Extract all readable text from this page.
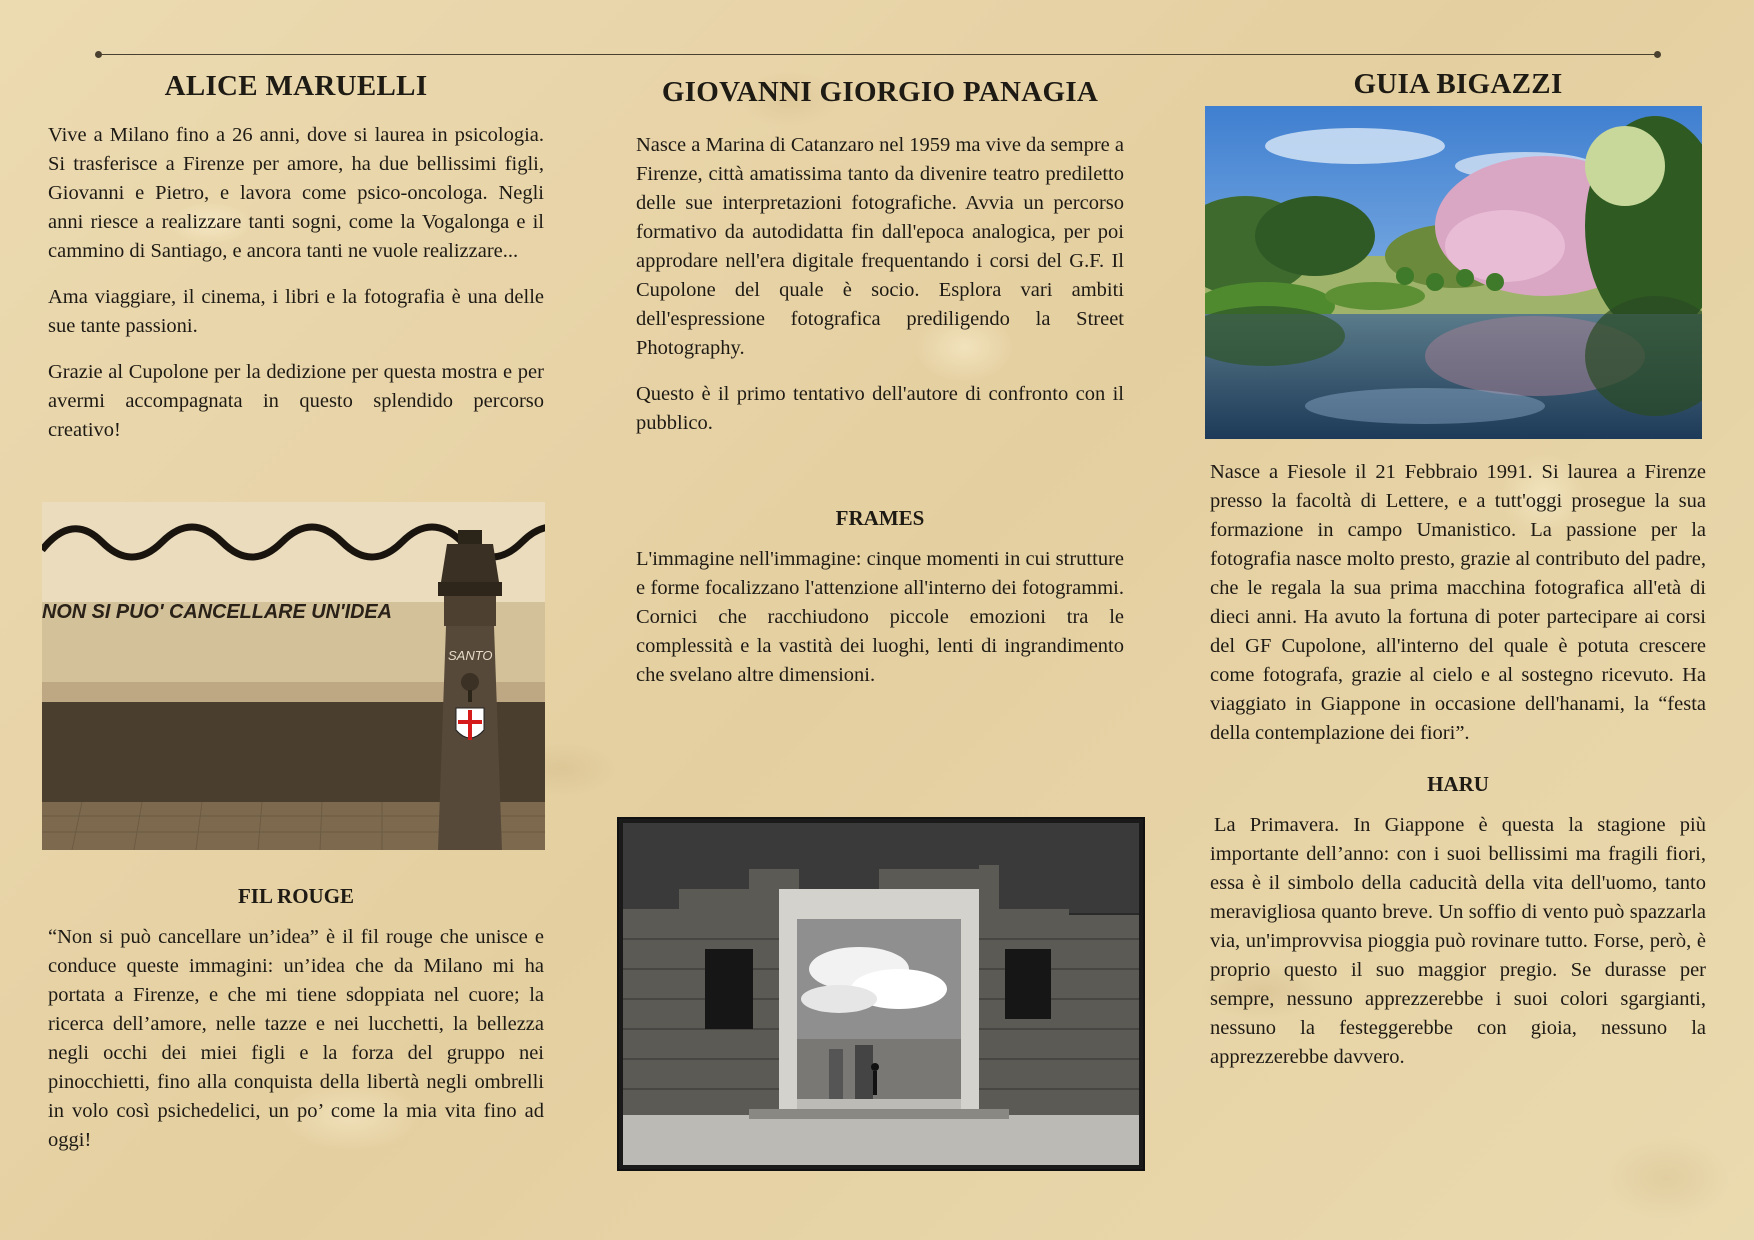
ALICE MARUELLI

Vive a Milano fino a 26 anni, dove si laurea in psicologia. Si trasferisce a Firenze per amore, ha due bellissimi figli, Giovanni e Pietro, e lavora come psico-oncologa. Negli anni riesce a realizzare tanti sogni, come la Vogalonga e il cammino di Santiago, e ancora tanti ne vuole realizzare...

Ama viaggiare, il cinema, i libri e la fotografia è una delle sue tante passioni.

Grazie al Cupolone per la dedizione per questa mostra e per avermi accompagnata in questo splendido percorso creativo!

NON SI PUO' CANCELLARE UN'IDEA
SANTO
FIL ROUGE

“Non si può cancellare un’idea” è il fil rouge che unisce e conduce queste immagini: un’idea che da Milano mi ha portata a Firenze, e che mi tiene sdoppiata nel cuore; la ricerca dell’amore, nelle tazze e nei lucchetti, la bellezza negli occhi dei miei figli e la forza del gruppo nei pinocchietti, fino alla conquista della libertà negli ombrelli in volo così psichedelici, un po’ come la mia vita fino ad oggi!

GIOVANNI GIORGIO PANAGIA

Nasce a Marina di Catanzaro nel 1959 ma vive da sempre a Firenze, città amatissima tanto da divenire teatro prediletto delle sue interpretazioni fotografiche. Avvia un percorso formativo da autodidatta fin dall'epoca analogica, per poi approdare nell'era digitale frequentando i corsi del G.F. Il Cupolone del quale è socio. Esplora vari ambiti dell'espressione fotografica prediligendo la Street Photography.

Questo è il primo tentativo dell'autore di confronto con il pubblico.

FRAMES

L'immagine nell'immagine: cinque momenti in cui strutture e forme focalizzano l'attenzione all'interno dei fotogrammi. Cornici che racchiudono piccole emozioni tra le complessità e la vastità dei luoghi, lenti di ingrandimento che svelano altre dimensioni.

GUIA BIGAZZI

Nasce a Fiesole il 21 Febbraio 1991. Si laurea a Firenze presso la facoltà di Lettere, e a tutt'oggi prosegue la sua formazione in campo Umanistico. La passione per la fotografia nasce molto presto, grazie al contributo del padre, che le regala la sua prima macchina fotografica all'età di dieci anni. Ha avuto la fortuna di poter partecipare ai corsi del GF Cupolone, all'interno del quale è potuta crescere come fotografa, grazie al cielo e al sostegno ricevuto. Ha viaggiato in Giappone in occasione dell'hanami, la “festa della contemplazione dei fiori”.

HARU

La Primavera. In Giappone è questa la stagione più importante dell’anno: con i suoi bellissimi ma fragili fiori, essa è il simbolo della caducità della vita dell'uomo, tanto meravigliosa quanto breve. Un soffio di vento può spazzarla via, un'improvvisa pioggia può rovinare tutto. Forse, però, è proprio questo il suo maggior pregio. Se durasse per sempre, nessuno apprezzerebbe i suoi colori sgargianti, nessuno la festeggerebbe con gioia, nessuno la apprezzerebbe davvero.
